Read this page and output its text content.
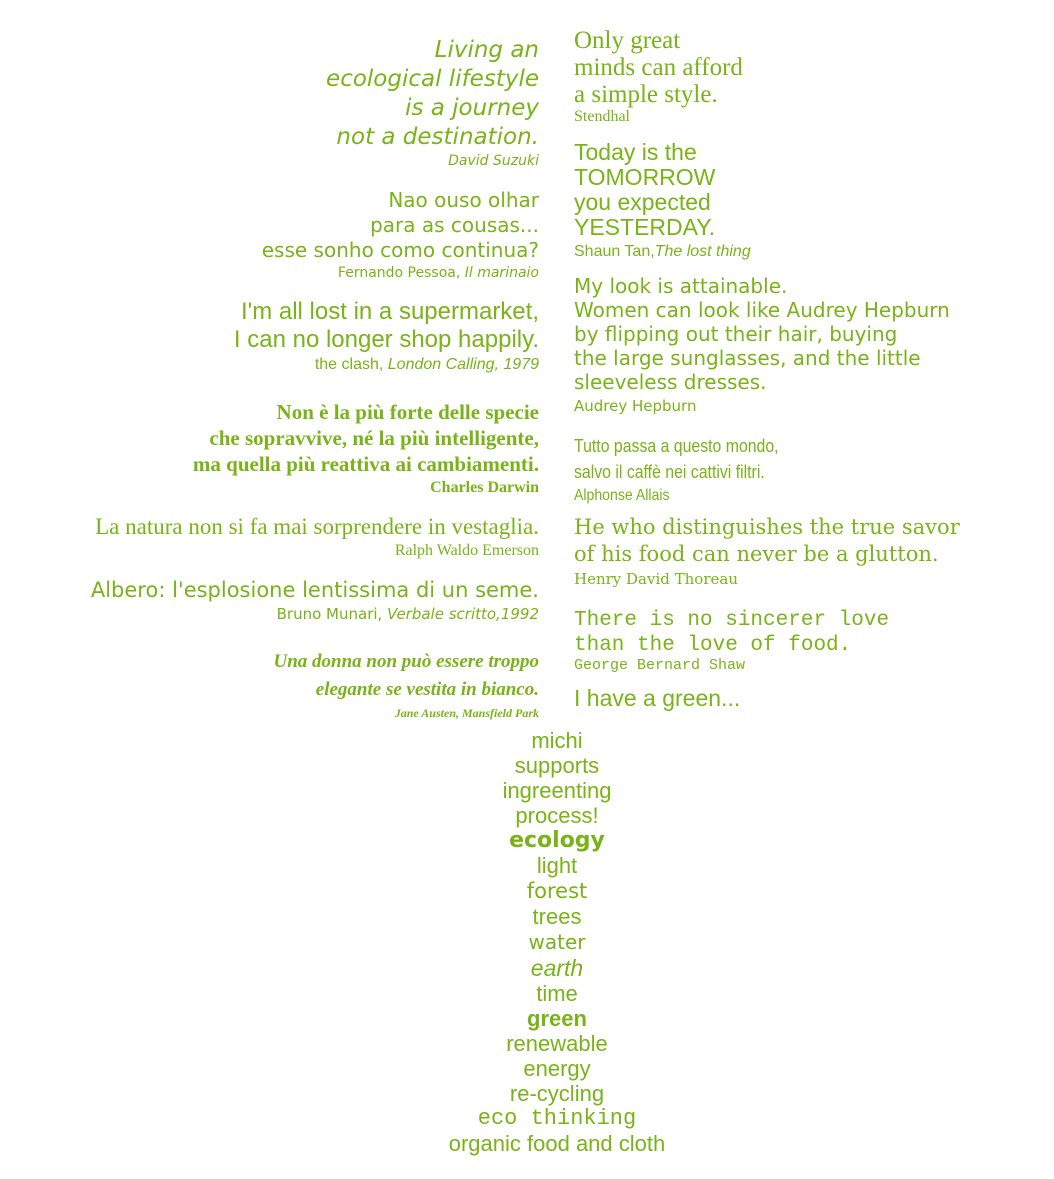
Living an
ecological lifestyle
is a journey
not a destination.
David Suzuki
Nao ouso olhar
para as cousas...
esse sonho como continua?
Fernando Pessoa, Il marinaio
I'm all lost in a supermarket,
I can no longer shop happily.
the clash, London Calling, 1979
Non è la più forte delle specie
che sopravvive, né la più intelligente,
ma quella più reattiva ai cambiamenti.
Charles Darwin
La natura non si fa mai sorprendere in vestaglia.
Ralph Waldo Emerson
Albero: l'esplosione lentissima di un seme.
Bruno Munari, Verbale scritto,1992
Una donna non può essere troppo
elegante se vestita in bianco.
Jane Austen, Mansfield Park
Only great
minds can afford
a simple style.
Stendhal
Today is the
TOMORROW
you expected
YESTERDAY.
Shaun Tan,The lost thing
My look is attainable.
Women can look like Audrey Hepburn
by flipping out their hair, buying
the large sunglasses, and the little
sleeveless dresses.
Audrey Hepburn
Tutto passa a questo mondo,
salvo il caffè nei cattivi filtri.
Alphonse Allais
He who distinguishes the true savor
of his food can never be a glutton.
Henry David Thoreau
There is no sincerer love
than the love of food.
George Bernard Shaw
I have a green...
michi
supports
ingreenting
process!
ecology
light
forest
trees
water
earth
time
green
renewable
energy
re-cycling
eco thinking
organic food and cloth
